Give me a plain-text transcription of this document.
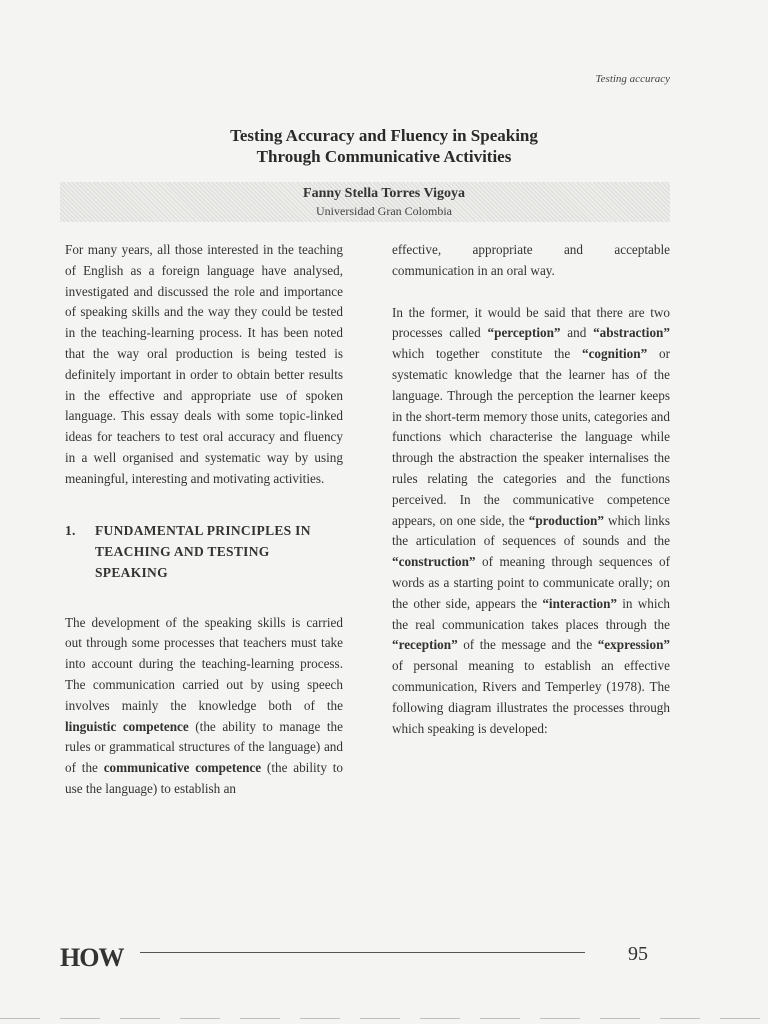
Testing accuracy
Testing Accuracy and Fluency in Speaking
Through Communicative Activities
Fanny Stella Torres Vigoya
Universidad Gran Colombia

For many years, all those interested in the teaching of English as a foreign language have analysed, investigated and discussed the role and importance of speaking skills and the way they could be tested in the teaching-learning process. It has been noted that the way oral production is being tested is definitely important in order to obtain better results in the effective and appropriate use of spoken language. This essay deals with some topic-linked ideas for teachers to test oral accuracy and fluency in a well organised and systematic way by using meaningful, interesting and motivating activities.

1.	FUNDAMENTAL PRINCIPLES IN TEACHING AND TESTING SPEAKING

The development of the speaking skills is carried out through some processes that teachers must take into account during the teaching-learning process. The communication carried out by using speech involves mainly the knowledge both of the linguistic competence (the ability to manage the rules or grammatical structures of the language) and of the communicative competence (the ability to use the language) to establish an

effective, appropriate and acceptable communication in an oral way.

In the former, it would be said that there are two processes called “perception” and “abstraction” which together constitute the “cognition” or systematic knowledge that the learner has of the language. Through the perception the learner keeps in the short-term memory those units, categories and functions which characterise the language while through the abstraction the speaker internalises the rules relating the categories and the functions perceived. In the communicative competence appears, on one side, the “production” which links the articulation of sequences of sounds and the “construction” of meaning through sequences of words as a starting point to communicate orally; on the other side, appears the “interaction” in which the real communication takes places through the “reception” of the message and the “expression” of personal meaning to establish an effective communication, Rivers and Temperley (1978). The following diagram illustrates the processes through which speaking is developed:

HOW	95
